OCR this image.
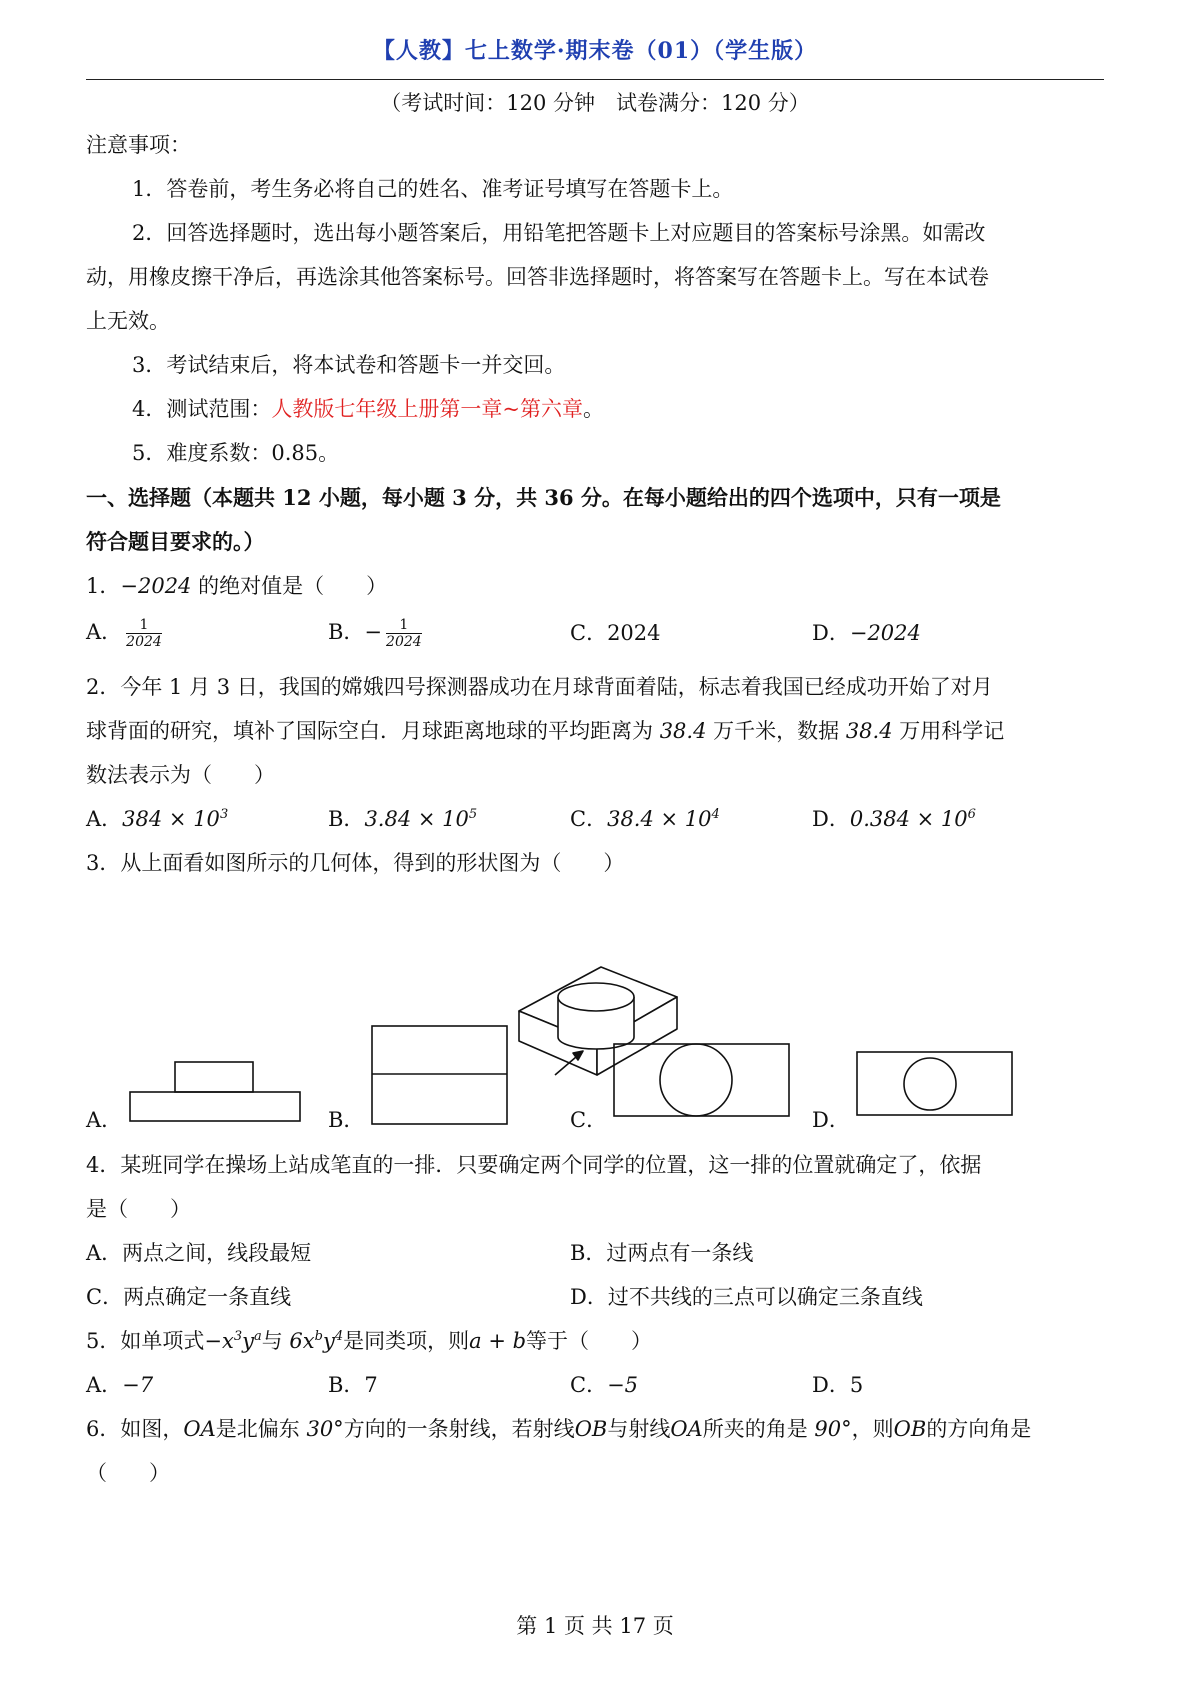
【人教】七上数学·期末卷（01）（学生版）
（考试时间：120 分钟　试卷满分：120 分）
注意事项：
1．答卷前，考生务必将自己的姓名、准考证号填写在答题卡上。
2．回答选择题时，选出每小题答案后，用铅笔把答题卡上对应题目的答案标号涂黑。如需改
动，用橡皮擦干净后，再选涂其他答案标号。回答非选择题时，将答案写在答题卡上。写在本试卷
上无效。
3．考试结束后，将本试卷和答题卡一并交回。
4．测试范围：人教版七年级上册第一章~第六章。
5．难度系数：0.85。
一、选择题（本题共 12 小题，每小题 3 分，共 36 分。在每小题给出的四个选项中，只有一项是
符合题目要求的。）
1．−2024 的绝对值是（　　）
A． $\frac{1}{2024}$	B．− $\frac{1}{2024}$	C．2024	D．−2024
2．今年 1 月 3 日，我国的嫦娥四号探测器成功在月球背面着陆，标志着我国已经成功开始了对月
球背面的研究，填补了国际空白．月球距离地球的平均距离为 38.4 万千米，数据 38.4 万用科学记
数法表示为（　　）
A．$384 \times 10^3$	B．$3.84 \times 10^5$	C．$38.4 \times 10^4$	D．$0.384 \times 10^6$
3．从上面看如图所示的几何体，得到的形状图为（　　）
A．	B．	C．	D．
4．某班同学在操场上站成笔直的一排．只要确定两个同学的位置，这一排的位置就确定了，依据
是（　　）
A．两点之间，线段最短	B．过两点有一条线
C．两点确定一条直线	D．过不共线的三点可以确定三条直线
5．如单项式$-x^3y^a$与 $6x^by^4$是同类项，则a + b等于（　　）
A．−7	B．7	C．−5	D．5
6．如图，OA是北偏东 30°方向的一条射线，若射线OB与射线OA所夹的角是 90°，则OB的方向角是
（　　）
第 1 页 共 17 页
